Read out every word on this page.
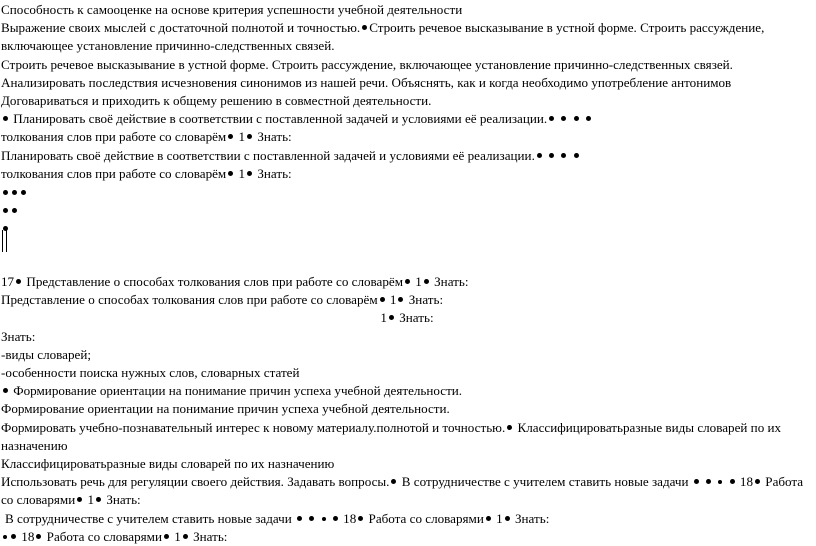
Способность к самооценке на основе критерия успешности учебной деятельности

Выражение своих мыслей с достаточной полнотой и точностью. Строить речевое высказывание в устной форме. Строить рассуждение,

включающее установление причинно-следственных связей.

Строить речевое высказывание в устной форме. Строить рассуждение, включающее установление причинно-следственных связей.

Анализировать последствия исчезновения синонимов из нашей речи. Объяснять, как и когда необходимо употребление антонимов

Договариваться и приходить к общему решению в совместной деятельности.

Планировать своё действие в соответствии с поставленной задачей и условиями её реализации.

толкования слов при работе со словарём 1 Знать:

Планировать своё действие в соответствии с поставленной задачей и условиями её реализации.

толкования слов при работе со словарём 1 Знать:

17 Представление о способах толкования слов при работе со словарём 1 Знать:

Представление о способах толкования слов при работе со словарём 1 Знать:

1 Знать:

Знать:

-виды словарей;

-особенности поиска нужных слов, словарных статей

Формирование ориентации на понимание причин успеха учебной деятельности.

Формирование ориентации на понимание причин успеха учебной деятельности.

Формировать учебно-познавательный интерес к новому материалу.полнотой и точностью. Классифицироватьразные виды словарей по их

назначению

Классифицироватьразные виды словарей по их назначению

Использовать речь для регуляции своего действия. Задавать вопросы. В сотрудничестве с учителем ставить новые задачи	18 Работа

со словарями 1 Знать:

В сотрудничестве с учителем ставить новые задачи	18 Работа со словарями 1 Знать:

18 Работа со словарями 1 Знать:
